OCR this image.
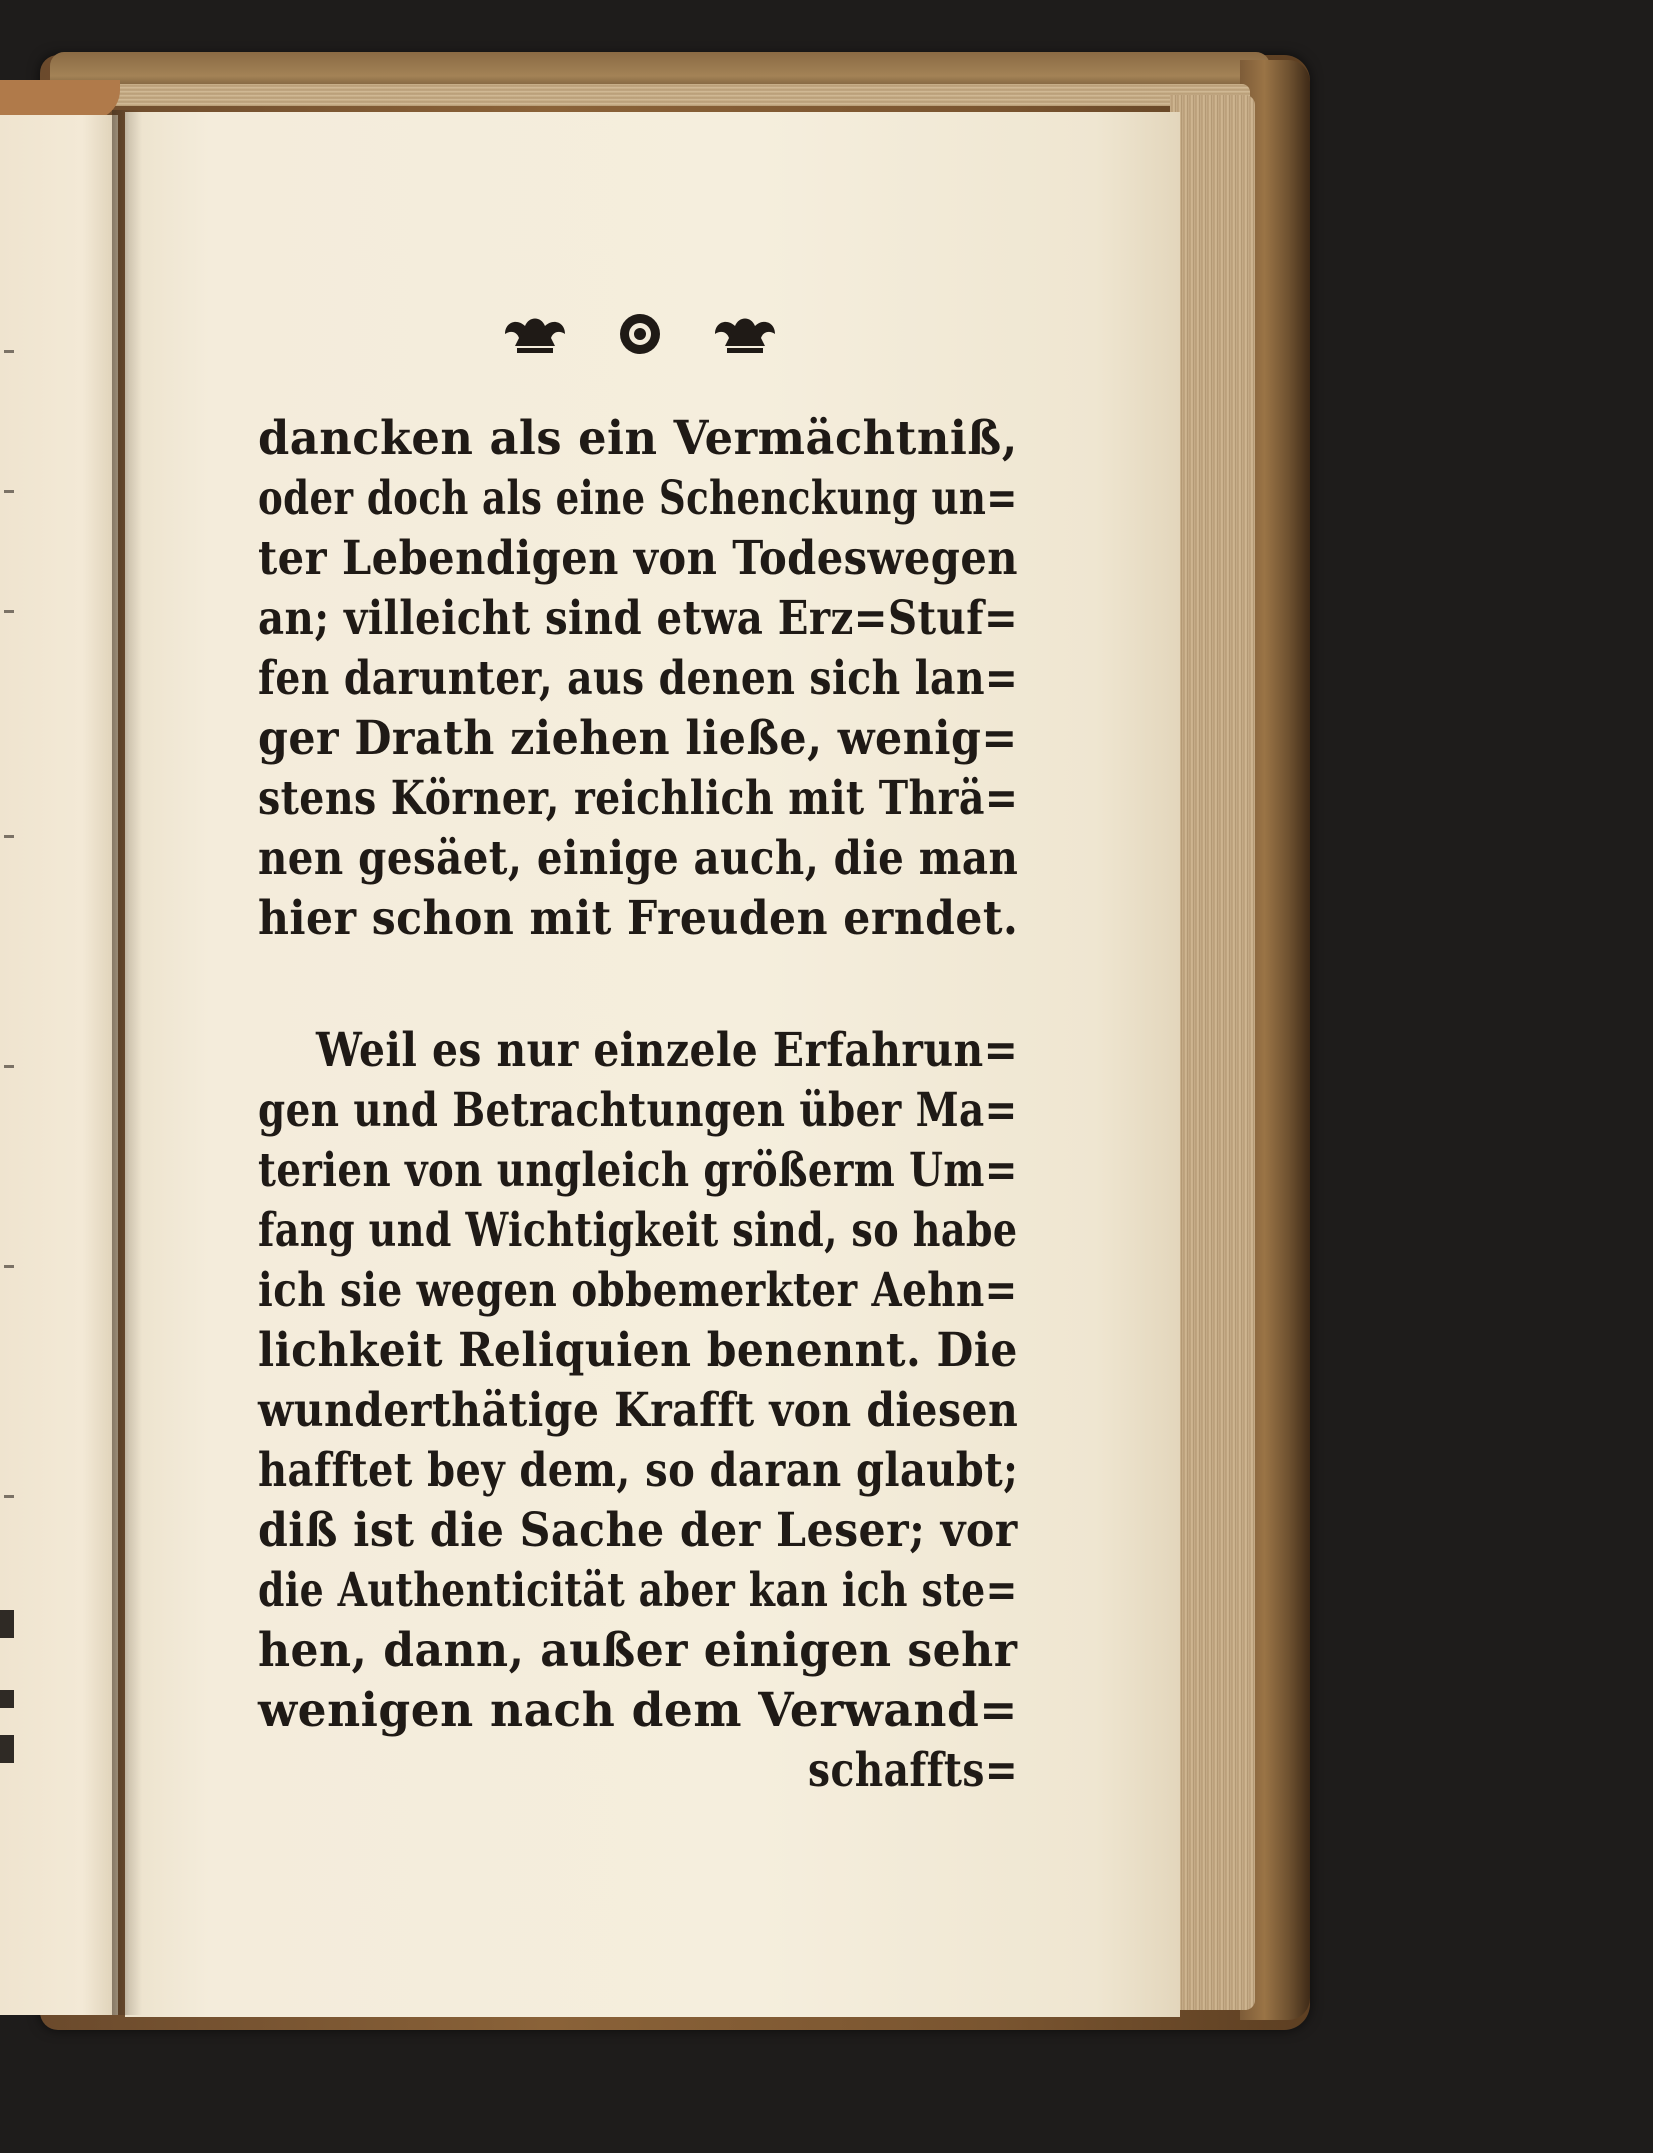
dancken als ein Vermächtniß,
oder doch als eine Schenckung un=
ter Lebendigen von Todeswegen
an; villeicht sind etwa Erz=Stuf=
fen darunter, aus denen sich lan=
ger Drath ziehen ließe, wenig=
stens Körner, reichlich mit Thrä=
nen gesäet, einige auch, die man
hier schon mit Freuden erndet.
Weil es nur einzele Erfahrun=
gen und Betrachtungen über Ma=
terien von ungleich größerm Um=
fang und Wichtigkeit sind, so habe
ich sie wegen obbemerkter Aehn=
lichkeit Reliquien benennt. Die
wunderthätige Krafft von diesen
hafftet bey dem, so daran glaubt;
diß ist die Sache der Leser; vor
die Authenticität aber kan ich ste=
hen, dann, außer einigen sehr
wenigen nach dem Verwand=
schaffts=
